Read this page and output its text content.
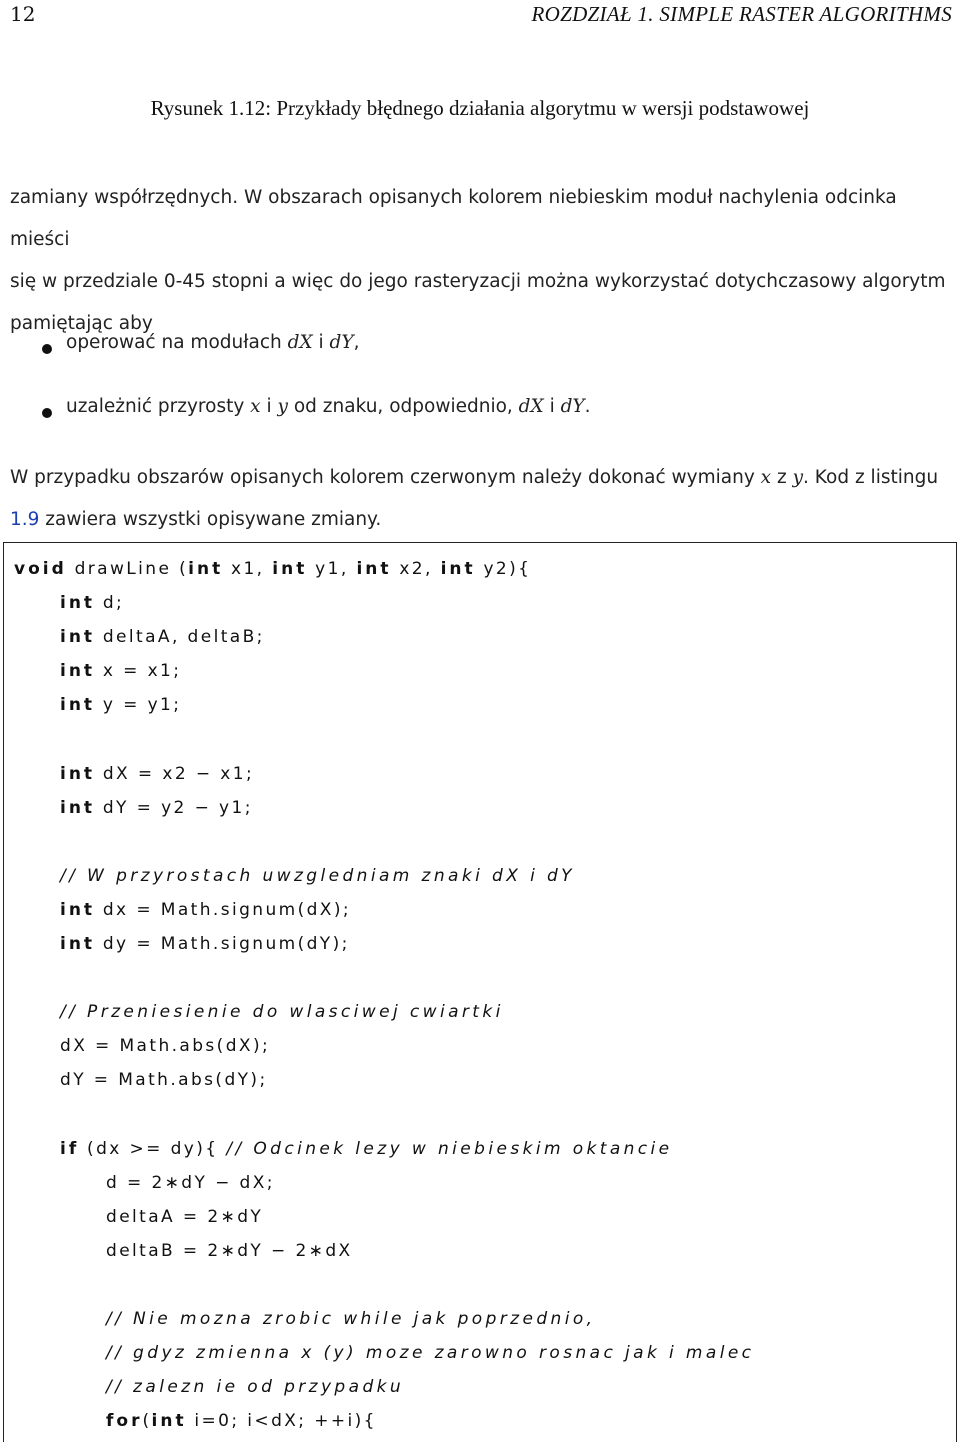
12	ROZDZIAŁ 1. SIMPLE RASTER ALGORITHMS
Rysunek 1.12: Przykłady błędnego działania algorytmu w wersji podstawowej

zamiany współrzędnych. W obszarach opisanych kolorem niebieskim moduł nachylenia odcinka mieści

się w przedziale 0-45 stopni a więc do jego rasteryzacji można wykorzystać dotychczasowy algorytm

pamiętając aby

operować na modułach dX i dY,
uzależnić przyrosty x i y od znaku, odpowiednio, dX i dY.

W przypadku obszarów opisanych kolorem czerwonym należy dokonać wymiany x z y. Kod z listingu

1.9 zawiera wszystki opisywane zmiany.

void drawLine (int x1, int y1, int x2, int y2){
int d;
int deltaA, deltaB;
int x = x1;
int y = y1;
int dX = x2 − x1;
int dY = y2 − y1;
// W przyrostach uwzgledniam znaki dX i dY
int dx = Math.signum(dX);
int dy = Math.signum(dY);
// Przeniesienie do wlasciwej cwiartki
dX = Math.abs(dX);
dY = Math.abs(dY);
if (dx >= dy){ // Odcinek lezy w niebieskim oktancie
d = 2∗dY − dX;
deltaA = 2∗dY
deltaB = 2∗dY − 2∗dX
// Nie mozna zrobic while jak poprzednio,
// gdyz zmienna x (y) moze zarowno rosnac jak i malec
// zalezn ie od przypadku
for(int i=0; i<dX; ++i){
